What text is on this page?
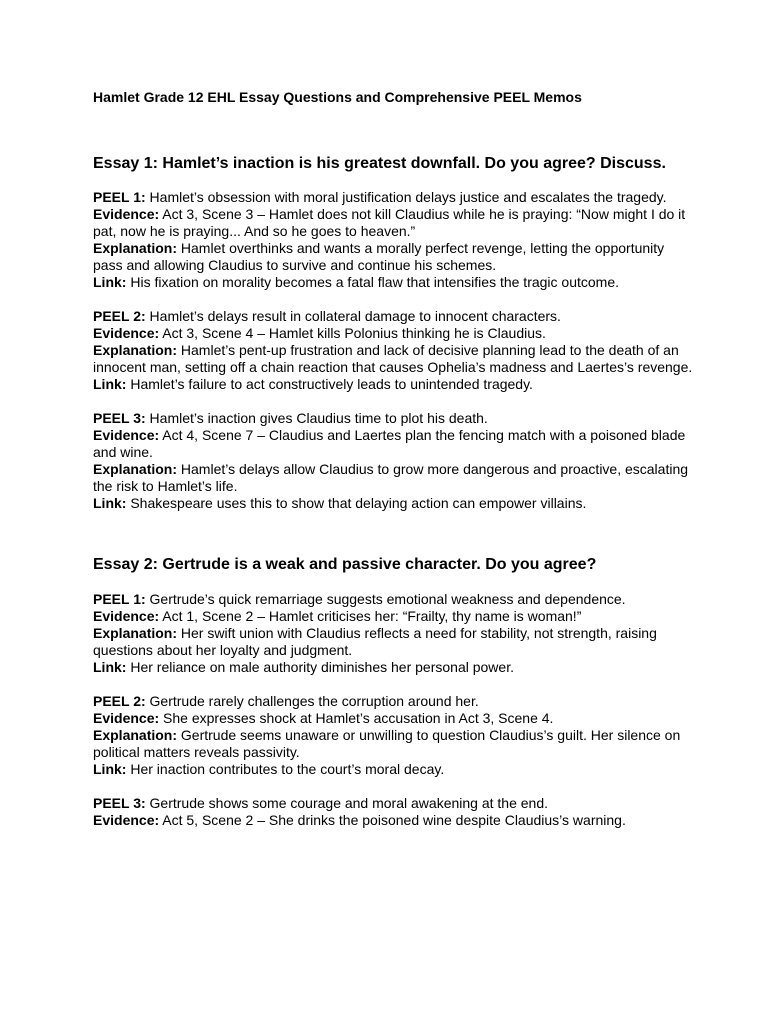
Hamlet Grade 12 EHL Essay Questions and Comprehensive PEEL Memos
Essay 1: Hamlet’s inaction is his greatest downfall. Do you agree? Discuss.

PEEL 1: Hamlet’s obsession with moral justification delays justice and escalates the tragedy.

Evidence: Act 3, Scene 3 – Hamlet does not kill Claudius while he is praying: “Now might I do it pat, now he is praying... And so he goes to heaven.”

Explanation: Hamlet overthinks and wants a morally perfect revenge, letting the opportunity pass and allowing Claudius to survive and continue his schemes.

Link: His fixation on morality becomes a fatal flaw that intensifies the tragic outcome.

PEEL 2: Hamlet’s delays result in collateral damage to innocent characters.

Evidence: Act 3, Scene 4 – Hamlet kills Polonius thinking he is Claudius.

Explanation: Hamlet’s pent-up frustration and lack of decisive planning lead to the death of an innocent man, setting off a chain reaction that causes Ophelia’s madness and Laertes’s revenge.

Link: Hamlet’s failure to act constructively leads to unintended tragedy.

PEEL 3: Hamlet’s inaction gives Claudius time to plot his death.

Evidence: Act 4, Scene 7 – Claudius and Laertes plan the fencing match with a poisoned blade and wine.

Explanation: Hamlet’s delays allow Claudius to grow more dangerous and proactive, escalating the risk to Hamlet’s life.

Link: Shakespeare uses this to show that delaying action can empower villains.

Essay 2: Gertrude is a weak and passive character. Do you agree?

PEEL 1: Gertrude’s quick remarriage suggests emotional weakness and dependence.

Evidence: Act 1, Scene 2 – Hamlet criticises her: “Frailty, thy name is woman!”

Explanation: Her swift union with Claudius reflects a need for stability, not strength, raising questions about her loyalty and judgment.

Link: Her reliance on male authority diminishes her personal power.

PEEL 2: Gertrude rarely challenges the corruption around her.

Evidence: She expresses shock at Hamlet’s accusation in Act 3, Scene 4.

Explanation: Gertrude seems unaware or unwilling to question Claudius’s guilt. Her silence on political matters reveals passivity.

Link: Her inaction contributes to the court’s moral decay.

PEEL 3: Gertrude shows some courage and moral awakening at the end.

Evidence: Act 5, Scene 2 – She drinks the poisoned wine despite Claudius’s warning.
